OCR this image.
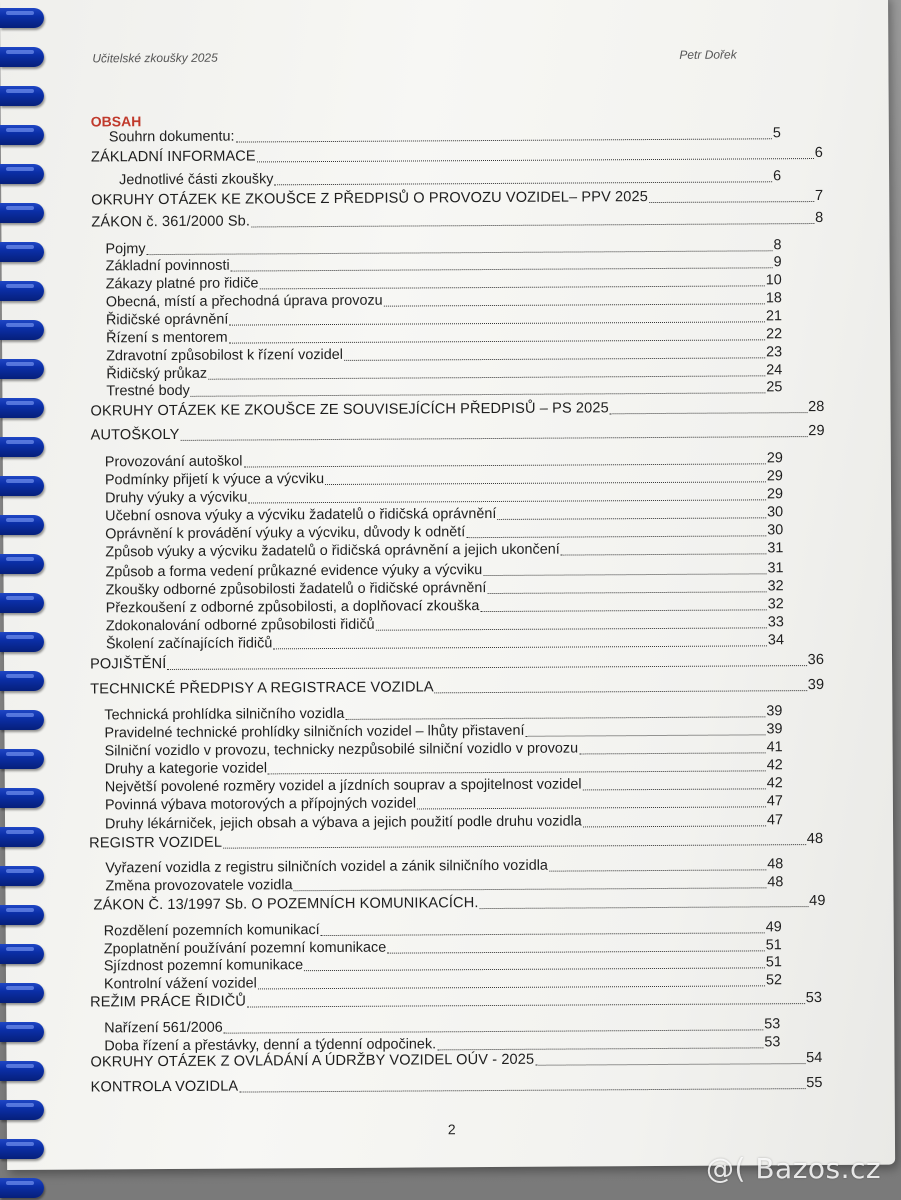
Učitelské zkoušky 2025	Petr Dořek
OBSAH
Souhrn dokumentu:	5
ZÁKLADNÍ INFORMACE	6
Jednotlivé části zkoušky	6
OKRUHY OTÁZEK KE ZKOUŠCE Z PŘEDPISŮ O PROVOZU VOZIDEL– PPV 2025	7
ZÁKON č. 361/2000 Sb.	8
Pojmy	8
Základní povinnosti	9
Zákazy platné pro řidiče	10
Obecná, místí a přechodná úprava provozu	18
Řidičské oprávnění	21
Řízení s mentorem	22
Zdravotní způsobilost k řízení vozidel	23
Řidičský průkaz	24
Trestné body	25
OKRUHY OTÁZEK KE ZKOUŠCE ZE SOUVISEJÍCÍCH PŘEDPISŮ – PS 2025	28
AUTOŠKOLY	29
Provozování autoškol	29
Podmínky přijetí k výuce a výcviku	29
Druhy výuky a výcviku	29
Učební osnova výuky a výcviku žadatelů o řidičská oprávnění	30
Oprávnění k provádění výuky a výcviku, důvody k odnětí	30
Způsob výuky a výcviku žadatelů o řidičská oprávnění a jejich ukončení	31
Způsob a forma vedení průkazné evidence výuky a výcviku	31
Zkoušky odborné způsobilosti žadatelů o řidičské oprávnění	32
Přezkoušení z odborné způsobilosti, a doplňovací zkouška	32
Zdokonalování odborné způsobilosti řidičů	33
Školení začínajících řidičů	34
POJIŠTĚNÍ	36
TECHNICKÉ PŘEDPISY A REGISTRACE VOZIDLA	39
Technická prohlídka silničního vozidla	39
Pravidelné technické prohlídky silničních vozidel – lhůty přistavení	39
Silniční vozidlo v provozu, technicky nezpůsobilé silniční vozidlo v provozu	41
Druhy a kategorie vozidel	42
Největší povolené rozměry vozidel a jízdních souprav a spojitelnost vozidel	42
Povinná výbava motorových a přípojných vozidel	47
Druhy lékárniček, jejich obsah a výbava a jejich použití podle druhu vozidla	47
REGISTR VOZIDEL	48
Vyřazení vozidla z registru silničních vozidel a zánik silničního vozidla	48
Změna provozovatele vozidla	48
ZÁKON Č. 13/1997 Sb. O POZEMNÍCH KOMUNIKACÍCH.	49
Rozdělení pozemních komunikací	49
Zpoplatnění používání pozemní komunikace	51
Sjízdnost pozemní komunikace	51
Kontrolní vážení vozidel	52
REŽIM PRÁCE ŘIDIČŮ	53
Nařízení 561/2006	53
Doba řízení a přestávky, denní a týdenní odpočinek.	53
OKRUHY OTÁZEK Z OVLÁDÁNÍ A ÚDRŽBY VOZIDEL OÚV - 2025	54
KONTROLA VOZIDLA	55
2
@( Bazos.cz
